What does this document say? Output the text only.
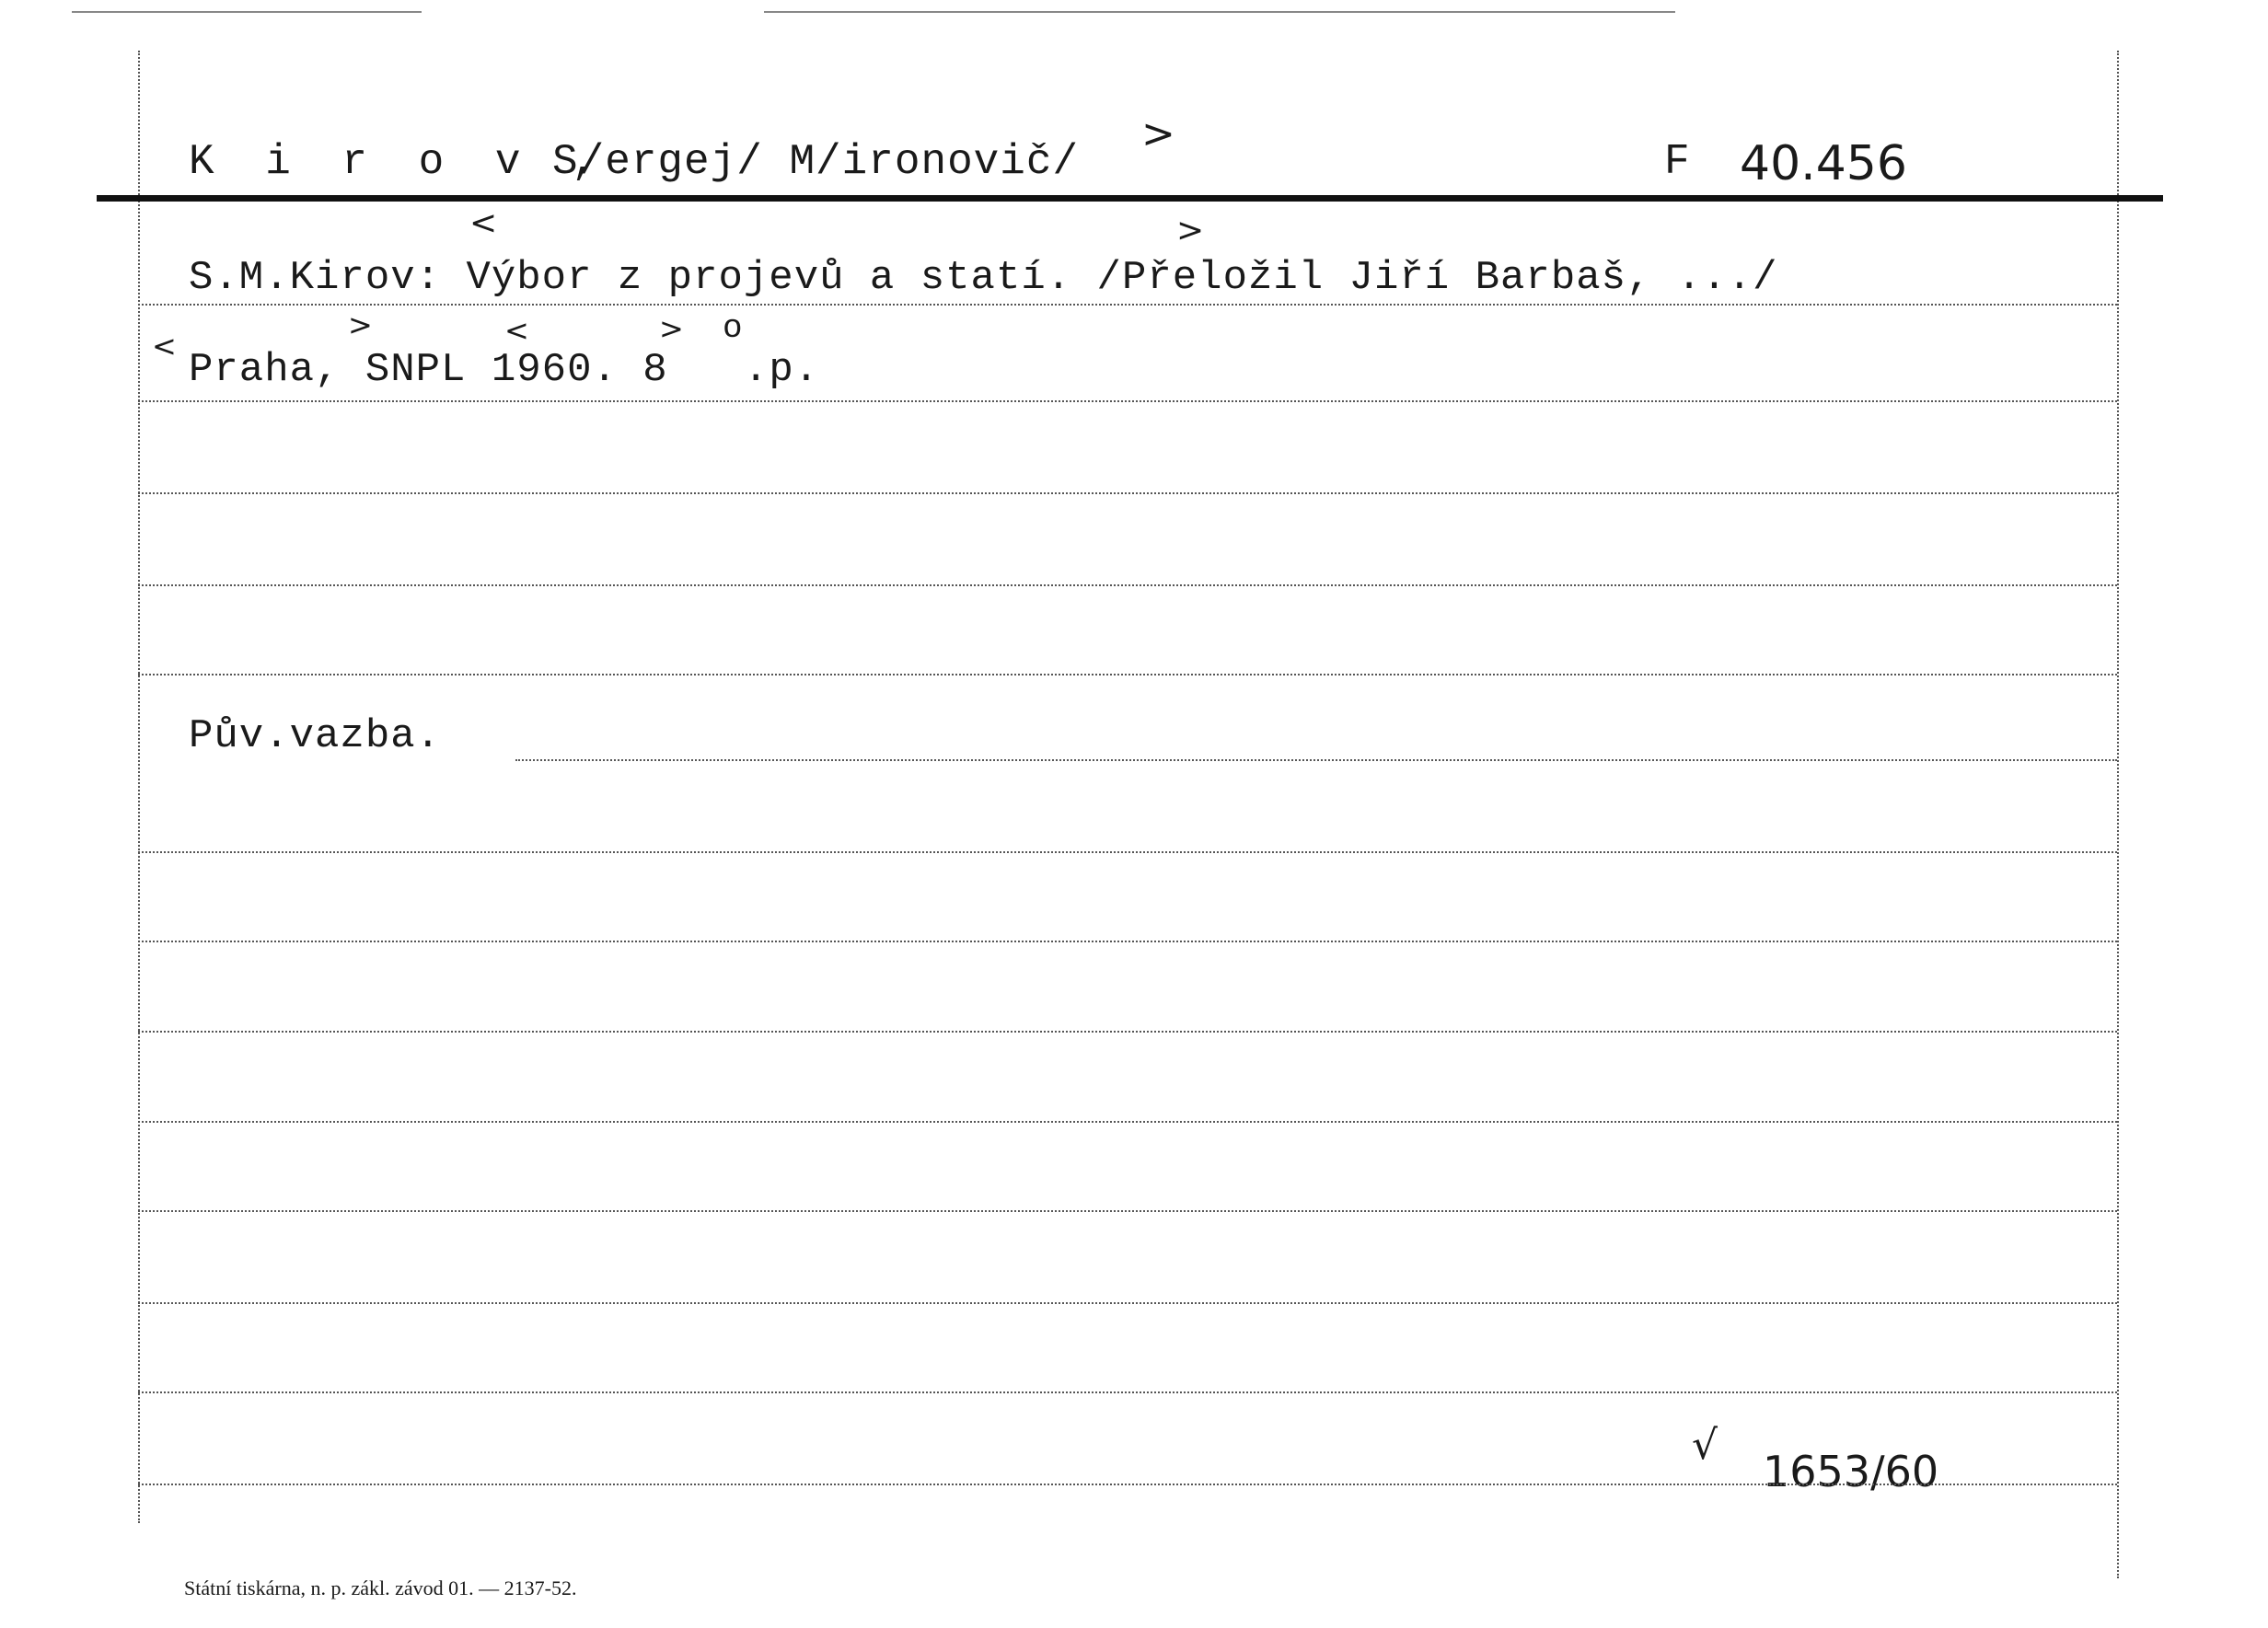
K i r o v ,
S/ergej/ M/ironovič/
>
F 40.456
<	>
S.M.Kirov: Výbor z projevů a statí. /Přeložil Jiří Barbaš, .../
<
>	<	>
Praha, SNPL 1960. 8
o
.p.
Pův.vazba.
√
1653/60
Státní tiskárna, n. p. zákl. závod 01. — 2137-52.
